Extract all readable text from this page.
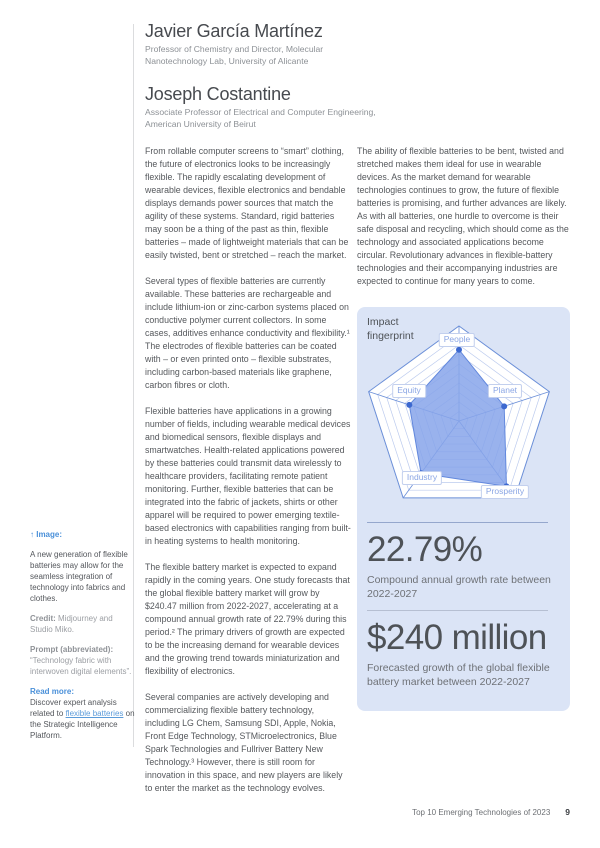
Javier García Martínez
Professor of Chemistry and Director, Molecular Nanotechnology Lab, University of Alicante
Joseph Costantine
Associate Professor of Electrical and Computer Engineering, American University of Beirut
↑ Image:
A new generation of flexible batteries may allow for the seamless integration of technology into fabrics and clothes.
Credit: Midjourney and Studio Miko.
Prompt (abbreviated):
“Technology fabric with interwoven digital elements”.
Read more:
Discover expert analysis related to flexible batteries on the Strategic Intelligence Platform.

From rollable computer screens to “smart” clothing, the future of electronics looks to be increasingly flexible. The rapidly escalating development of wearable devices, flexible electronics and bendable displays demands power sources that match the agility of these systems. Standard, rigid batteries may soon be a thing of the past as thin, flexible batteries – made of lightweight materials that can be easily twisted, bent or stretched – reach the market.

Several types of flexible batteries are currently available. These batteries are rechargeable and include lithium-ion or zinc-carbon systems placed on conductive polymer current collectors. In some cases, additives enhance conductivity and flexibility.¹ The electrodes of flexible batteries can be coated with – or even printed onto – flexible substrates, including carbon-based materials like graphene, carbon fibres or cloth.

Flexible batteries have applications in a growing number of fields, including wearable medical devices and biomedical sensors, flexible displays and smartwatches. Health-related applications powered by these batteries could transmit data wirelessly to healthcare providers, facilitating remote patient monitoring. Further, flexible batteries that can be integrated into the fabric of jackets, shirts or other apparel will be required to power emerging textile-based electronics with capabilities ranging from built-in heating systems to health monitoring.

The flexible battery market is expected to expand rapidly in the coming years. One study forecasts that the global flexible battery market will grow by $240.47 million from 2022-2027, accelerating at a compound annual growth rate of 22.79% during this period.² The primary drivers of growth are expected to be the increasing demand for wearable devices and the growing trend towards miniaturization and flexibility of electronics.

Several companies are actively developing and commercializing flexible battery technology, including LG Chem, Samsung SDI, Apple, Nokia, Front Edge Technology, STMicroelectronics, Blue Spark Technologies and Fullriver Battery New Technology.³ However, there is still room for innovation in this space, and new players are likely to enter the market as the technology evolves.

The ability of flexible batteries to be bent, twisted and stretched makes them ideal for use in wearable devices. As the market demand for wearable technologies continues to grow, the future of flexible batteries is promising, and further advances are likely. As with all batteries, one hurdle to overcome is their safe disposal and recycling, which should come as the technology and associated applications become circular. Revolutionary advances in flexible-battery technologies and their accompanying industries are expected to continue for many years to come.

Impact fingerprint
22.79%
Compound annual growth rate between 2022-2027
$240 million
Forecasted growth of the global flexible battery market between 2022-2027
People
Planet
Prosperity
Industry
Equity
Top 10 Emerging Technologies of 2023 9
